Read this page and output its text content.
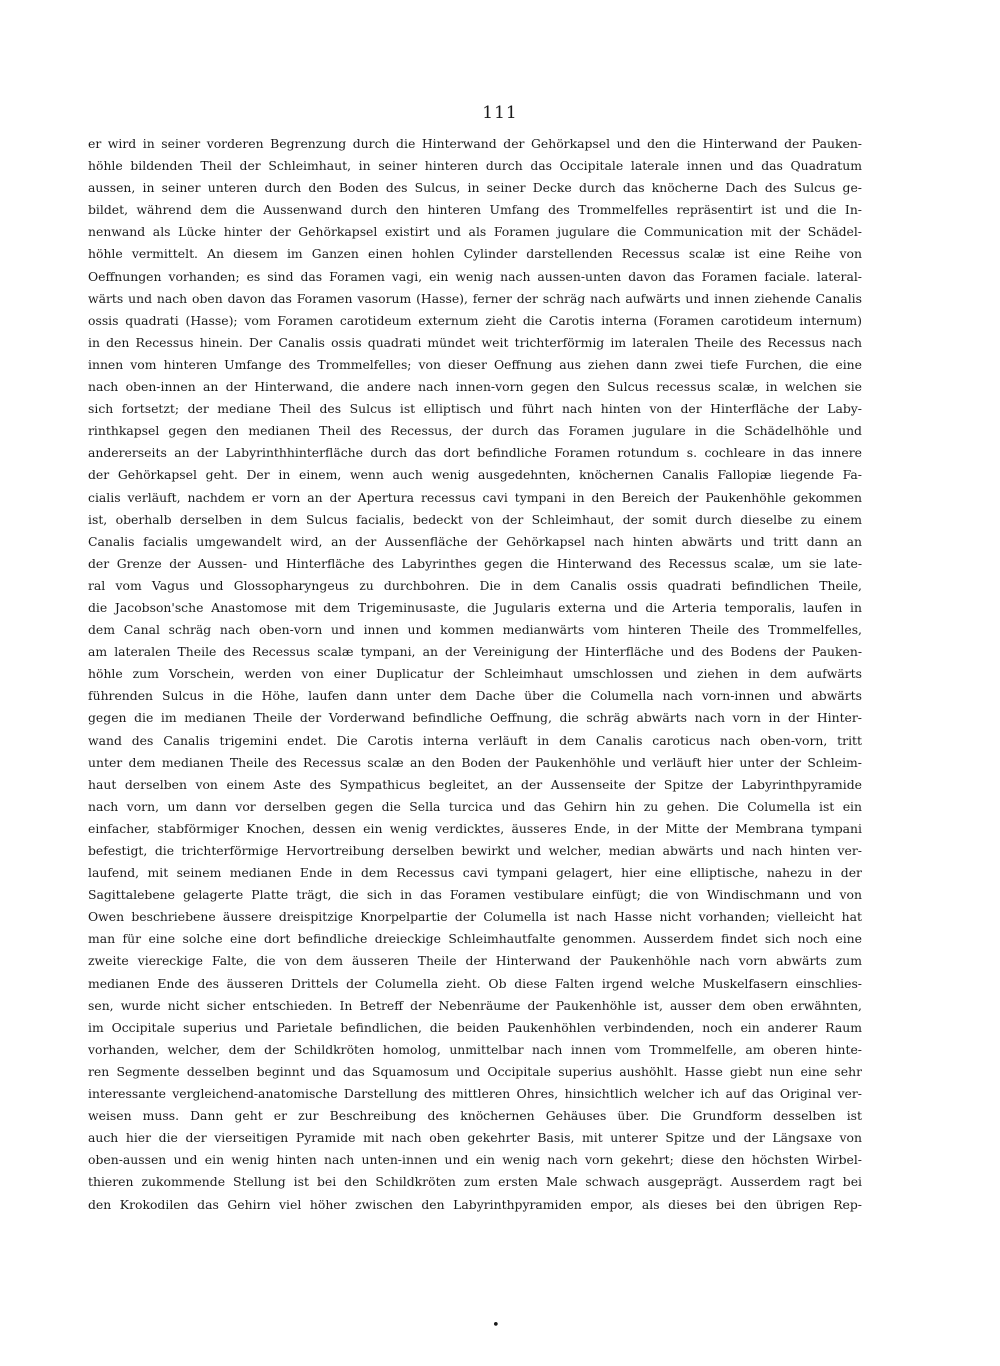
111
er wird in seiner vorderen Begrenzung durch die Hinterwand der Gehörkapsel und den die Hinterwand der Pauken-
höhle bildenden Theil der Schleimhaut, in seiner hinteren durch das Occipitale laterale innen und das Quadratum
aussen, in seiner unteren durch den Boden des Sulcus, in seiner Decke durch das knöcherne Dach des Sulcus ge-
bildet, während dem die Aussenwand durch den hinteren Umfang des Trommelfelles repräsentirt ist und die In-
nenwand als Lücke hinter der Gehörkapsel existirt und als Foramen jugulare die Communication mit der Schädel-
höhle vermittelt. An diesem im Ganzen einen hohlen Cylinder darstellenden Recessus scalæ ist eine Reihe von
Oeffnungen vorhanden; es sind das Foramen vagi, ein wenig nach aussen-unten davon das Foramen faciale. lateral-
wärts und nach oben davon das Foramen vasorum (Hasse), ferner der schräg nach aufwärts und innen ziehende Canalis
ossis quadrati (Hasse); vom Foramen carotideum externum zieht die Carotis interna (Foramen carotideum internum)
in den Recessus hinein. Der Canalis ossis quadrati mündet weit trichterförmig im lateralen Theile des Recessus nach
innen vom hinteren Umfange des Trommelfelles; von dieser Oeffnung aus ziehen dann zwei tiefe Furchen, die eine
nach oben-innen an der Hinterwand, die andere nach innen-vorn gegen den Sulcus recessus scalæ, in welchen sie
sich fortsetzt; der mediane Theil des Sulcus ist elliptisch und führt nach hinten von der Hinterfläche der Laby-
rinthkapsel gegen den medianen Theil des Recessus, der durch das Foramen jugulare in die Schädelhöhle und
andererseits an der Labyrinthhinterfläche durch das dort befindliche Foramen rotundum s. cochleare in das innere
der Gehörkapsel geht. Der in einem, wenn auch wenig ausgedehnten, knöchernen Canalis Fallopiæ liegende Fa-
cialis verläuft, nachdem er vorn an der Apertura recessus cavi tympani in den Bereich der Paukenhöhle gekommen
ist, oberhalb derselben in dem Sulcus facialis, bedeckt von der Schleimhaut, der somit durch dieselbe zu einem
Canalis facialis umgewandelt wird, an der Aussenfläche der Gehörkapsel nach hinten abwärts und tritt dann an
der Grenze der Aussen- und Hinterfläche des Labyrinthes gegen die Hinterwand des Recessus scalæ, um sie late-
ral vom Vagus und Glossopharyngeus zu durchbohren. Die in dem Canalis ossis quadrati befindlichen Theile,
die Jacobson'sche Anastomose mit dem Trigeminusaste, die Jugularis externa und die Arteria temporalis, laufen in
dem Canal schräg nach oben-vorn und innen und kommen medianwärts vom hinteren Theile des Trommelfelles,
am lateralen Theile des Recessus scalæ tympani, an der Vereinigung der Hinterfläche und des Bodens der Pauken-
höhle zum Vorschein, werden von einer Duplicatur der Schleimhaut umschlossen und ziehen in dem aufwärts
führenden Sulcus in die Höhe, laufen dann unter dem Dache über die Columella nach vorn-innen und abwärts
gegen die im medianen Theile der Vorderwand befindliche Oeffnung, die schräg abwärts nach vorn in der Hinter-
wand des Canalis trigemini endet. Die Carotis interna verläuft in dem Canalis caroticus nach oben-vorn, tritt
unter dem medianen Theile des Recessus scalæ an den Boden der Paukenhöhle und verläuft hier unter der Schleim-
haut derselben von einem Aste des Sympathicus begleitet, an der Aussenseite der Spitze der Labyrinthpyramide
nach vorn, um dann vor derselben gegen die Sella turcica und das Gehirn hin zu gehen. Die Columella ist ein
einfacher, stabförmiger Knochen, dessen ein wenig verdicktes, äusseres Ende, in der Mitte der Membrana tympani
befestigt, die trichterförmige Hervortreibung derselben bewirkt und welcher, median abwärts und nach hinten ver-
laufend, mit seinem medianen Ende in dem Recessus cavi tympani gelagert, hier eine elliptische, nahezu in der
Sagittalebene gelagerte Platte trägt, die sich in das Foramen vestibulare einfügt; die von Windischmann und von
Owen beschriebene äussere dreispitzige Knorpelpartie der Columella ist nach Hasse nicht vorhanden; vielleicht hat
man für eine solche eine dort befindliche dreieckige Schleimhautfalte genommen. Ausserdem findet sich noch eine
zweite viereckige Falte, die von dem äusseren Theile der Hinterwand der Paukenhöhle nach vorn abwärts zum
medianen Ende des äusseren Drittels der Columella zieht. Ob diese Falten irgend welche Muskelfasern einschlies-
sen, wurde nicht sicher entschieden. In Betreff der Nebenräume der Paukenhöhle ist, ausser dem oben erwähnten,
im Occipitale superius und Parietale befindlichen, die beiden Paukenhöhlen verbindenden, noch ein anderer Raum
vorhanden, welcher, dem der Schildkröten homolog, unmittelbar nach innen vom Trommelfelle, am oberen hinte-
ren Segmente desselben beginnt und das Squamosum und Occipitale superius aushöhlt. Hasse giebt nun eine sehr
interessante vergleichend-anatomische Darstellung des mittleren Ohres, hinsichtlich welcher ich auf das Original ver-
weisen muss. Dann geht er zur Beschreibung des knöchernen Gehäuses über. Die Grundform desselben ist
auch hier die der vierseitigen Pyramide mit nach oben gekehrter Basis, mit unterer Spitze und der Längsaxe von
oben-aussen und ein wenig hinten nach unten-innen und ein wenig nach vorn gekehrt; diese den höchsten Wirbel-
thieren zukommende Stellung ist bei den Schildkröten zum ersten Male schwach ausgeprägt. Ausserdem ragt bei
den Krokodilen das Gehirn viel höher zwischen den Labyrinthpyramiden empor, als dieses bei den übrigen Rep-
•
